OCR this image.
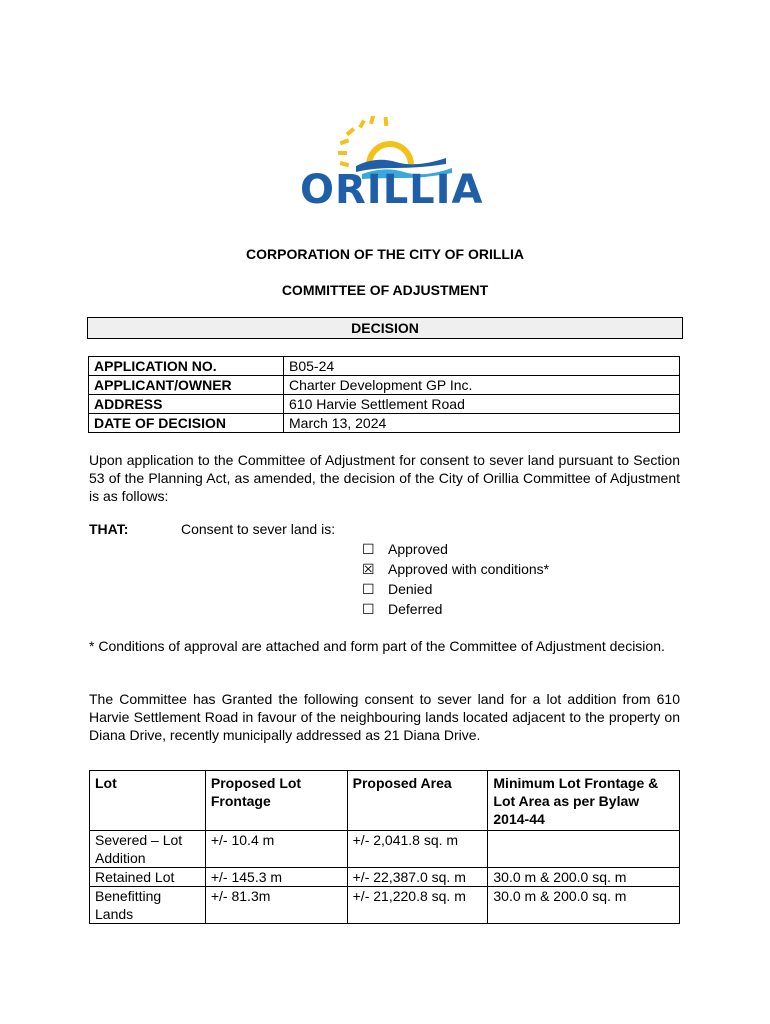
ORILLIA
CORPORATION OF THE CITY OF ORILLIA
COMMITTEE OF ADJUSTMENT
DECISION
APPLICATION NO.	B05-24
APPLICANT/OWNER	Charter Development GP Inc.
ADDRESS	610 Harvie Settlement Road
DATE OF DECISION	March 13, 2024
Upon application to the Committee of Adjustment for consent to sever land pursuant to Section 53 of the Planning Act, as amended, the decision of the City of Orillia Committee of Adjustment is as follows:
THAT:	Consent to sever land is:
☐ Approved
☒ Approved with conditions*
☐ Denied
☐ Deferred
* Conditions of approval are attached and form part of the Committee of Adjustment decision.
The Committee has Granted the following consent to sever land for a lot addition from 610 Harvie Settlement Road in favour of the neighbouring lands located adjacent to the property on Diana Drive, recently municipally addressed as 21 Diana Drive.
Lot	Proposed Lot Frontage	Proposed Area	Minimum Lot Frontage & Lot Area as per Bylaw 2014-44
Severed – Lot Addition	+/- 10.4 m	+/- 2,041.8 sq. m	
Retained Lot	+/- 145.3 m	+/- 22,387.0 sq. m	30.0 m & 200.0 sq. m
Benefitting Lands	+/- 81.3m	+/- 21,220.8 sq. m	30.0 m & 200.0 sq. m
